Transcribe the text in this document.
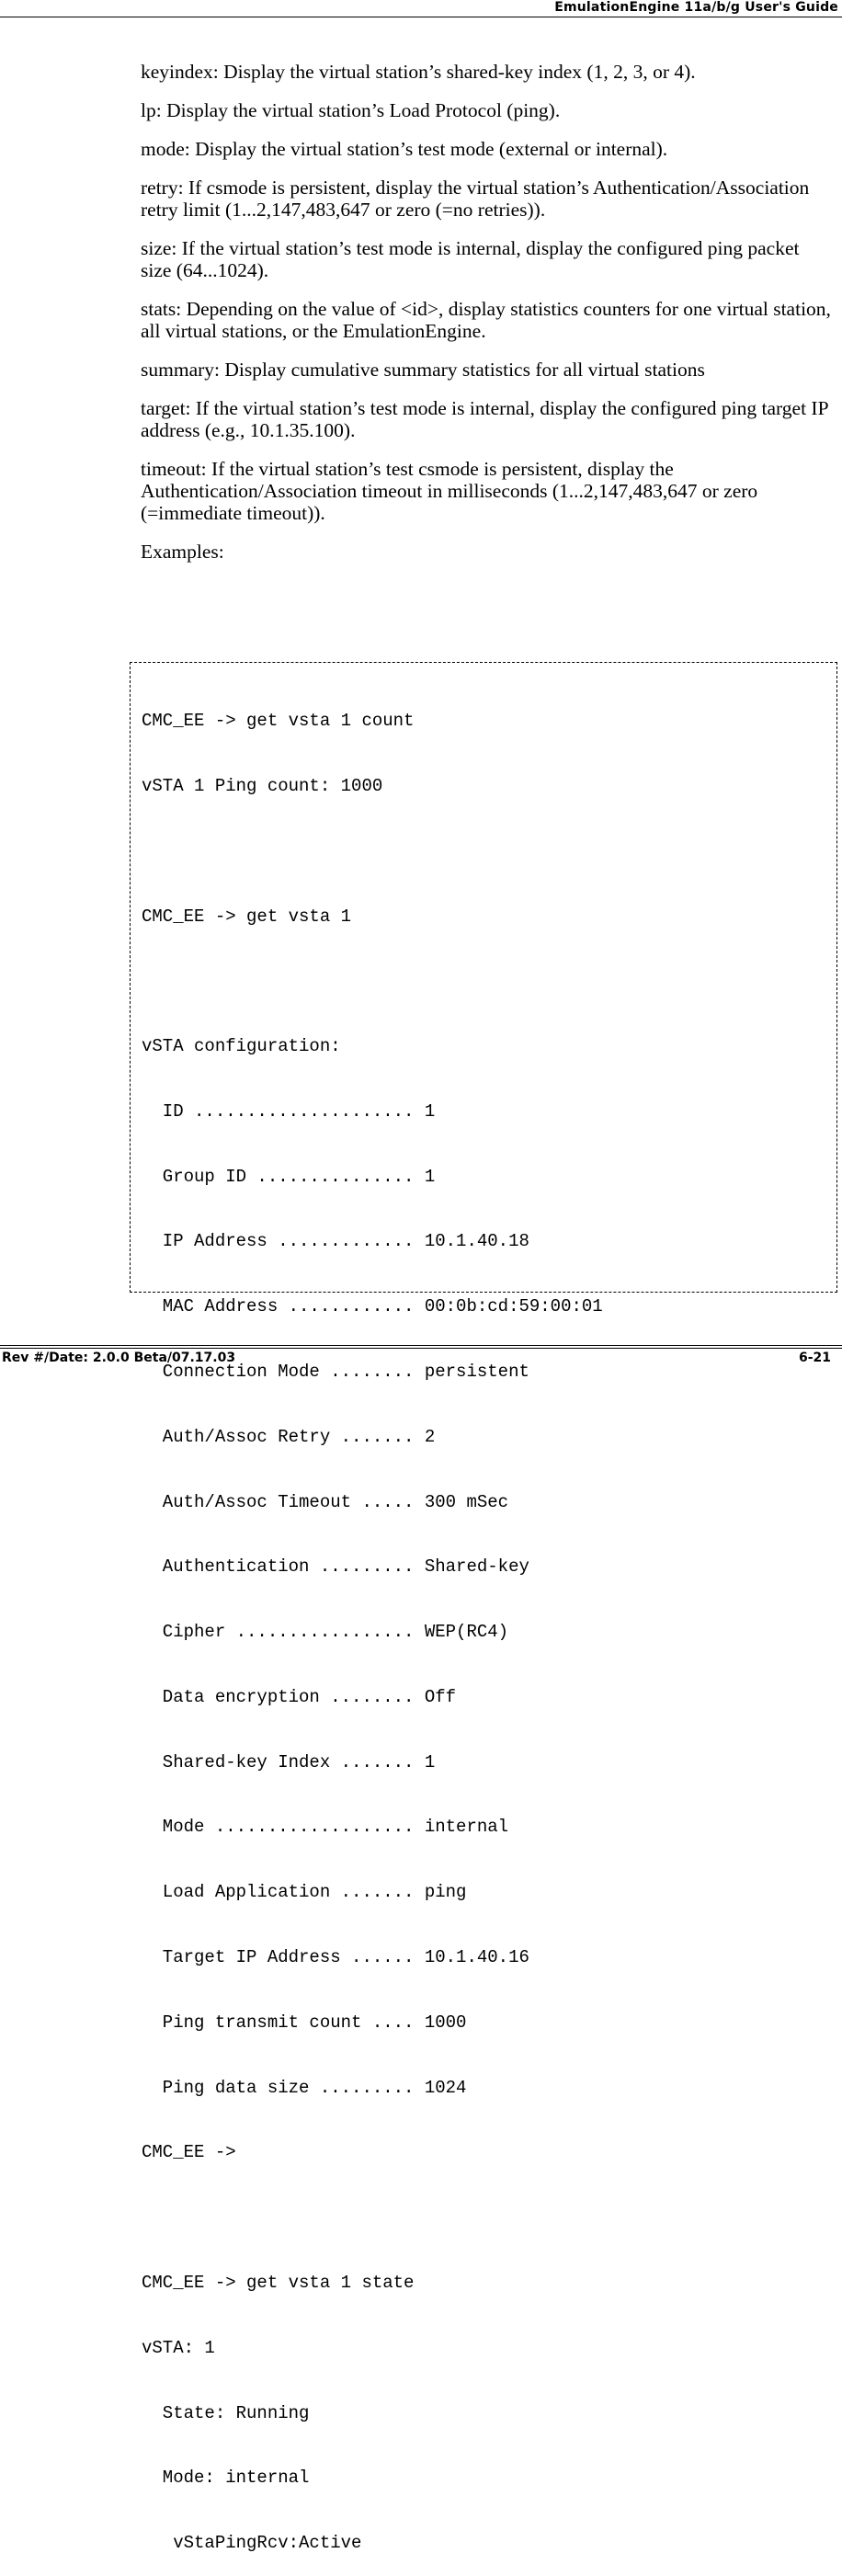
EmulationEngine 11a/b/g User's Guide

keyindex: Display the virtual station’s shared-key index (1, 2, 3, or 4).

lp: Display the virtual station’s Load Protocol (ping).

mode: Display the virtual station’s test mode (external or internal).

retry: If csmode is persistent, display the virtual station’s Authentication/Association retry limit (1...2,147,483,647 or zero (=no retries)).

size: If the virtual station’s test mode is internal, display the configured ping packet size (64...1024).

stats: Depending on the value of <id>, display statistics counters for one virtual station, all virtual stations, or the EmulationEngine.

summary: Display cumulative summary statistics for all virtual stations

target: If the virtual station’s test mode is internal, display the configured ping target IP address (e.g., 10.1.35.100).

timeout: If the virtual station’s test csmode is persistent, display the Authentication/Association timeout in milliseconds (1...2,147,483,647 or zero (=immediate timeout)).

Examples:

CMC_EE -> get vsta 1 count

vSTA 1 Ping count: 1000

CMC_EE -> get vsta 1

vSTA configuration:

ID ..................... 1

Group ID ............... 1

IP Address ............. 10.1.40.18

MAC Address ............ 00:0b:cd:59:00:01

Connection Mode ........ persistent

Auth/Assoc Retry ....... 2

Auth/Assoc Timeout ..... 300 mSec

Authentication ......... Shared-key

Cipher ................. WEP(RC4)

Data encryption ........ Off

Shared-key Index ....... 1

Mode ................... internal

Load Application ....... ping

Target IP Address ...... 10.1.40.16

Ping transmit count .... 1000

Ping data size ......... 1024

CMC_EE ->

CMC_EE -> get vsta 1 state

vSTA: 1

State: Running

Mode: internal

vStaPingRcv:Active

Rev #/Date: 2.0.0 Beta/07.17.03	6-21
